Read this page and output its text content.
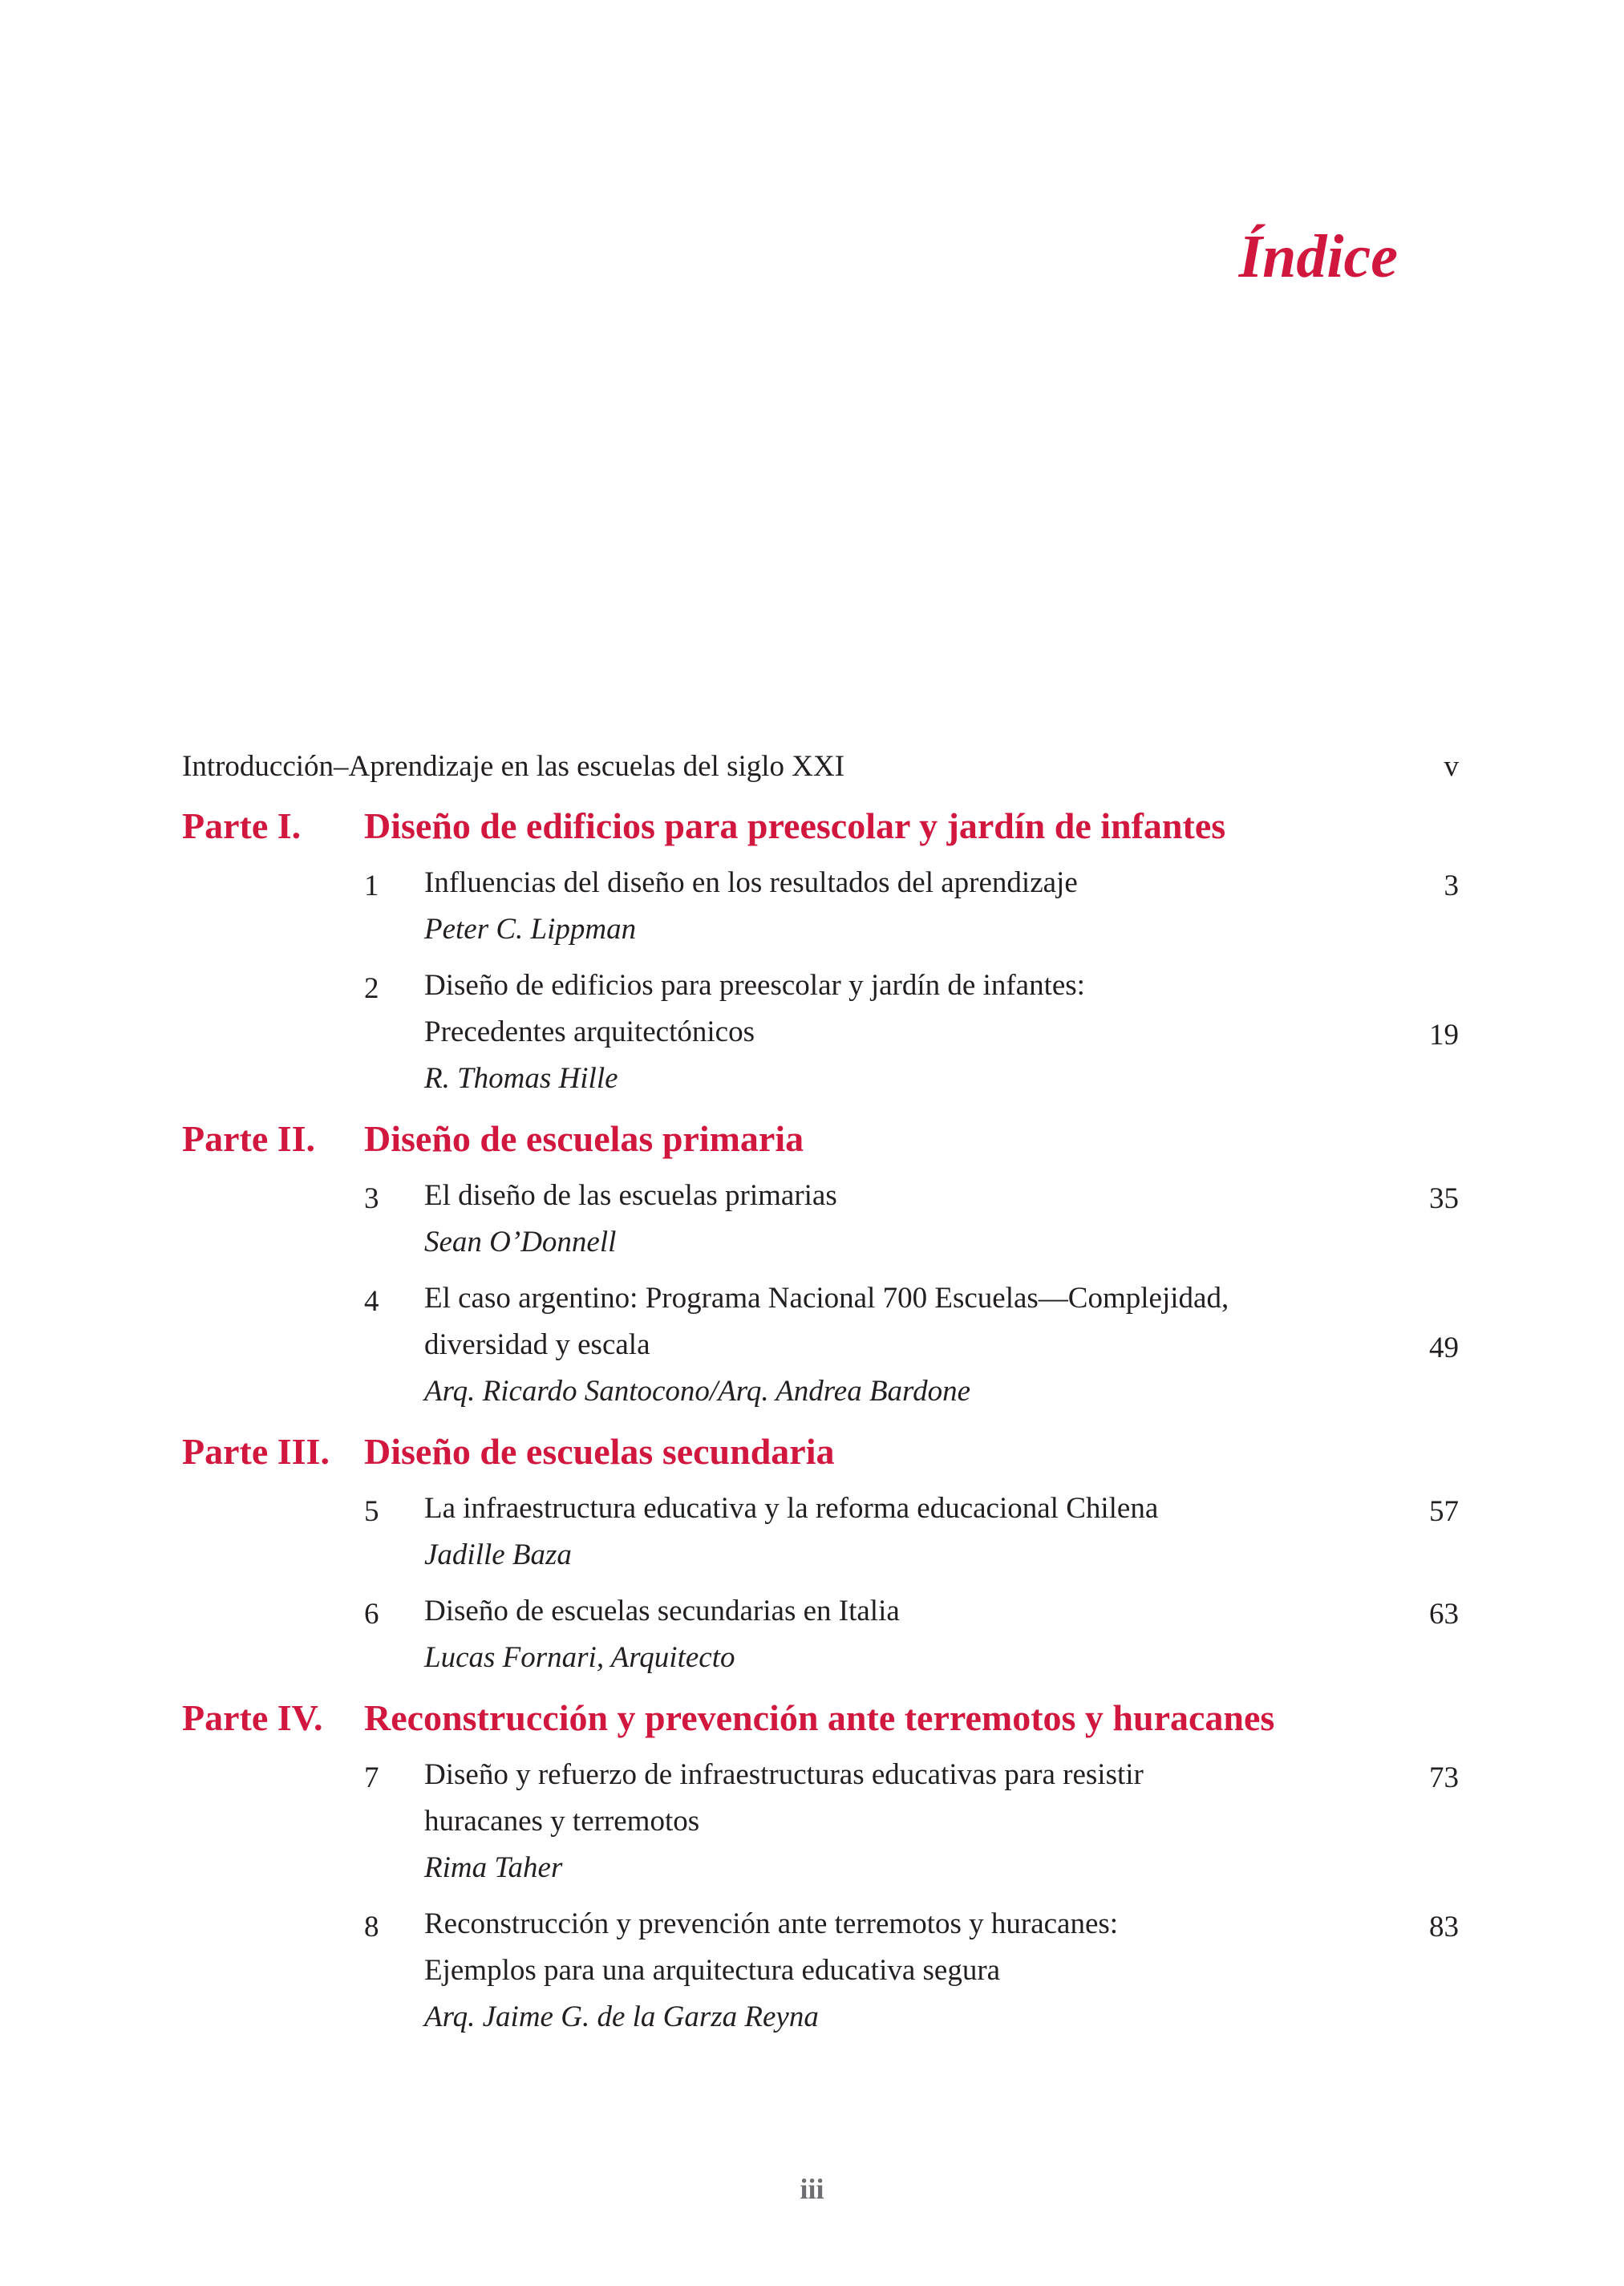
Índice
Introducción–Aprendizaje en las escuelas del siglo XXI	v
Parte I. Diseño de edificios para preescolar y jardín de infantes
1 Influencias del diseño en los resultados del aprendizaje
Peter C. Lippman
3
2 Diseño de edificios para preescolar y jardín de infantes:
Precedentes arquitectónicos
R. Thomas Hille
19
Parte II. Diseño de escuelas primaria
3 El diseño de las escuelas primarias
Sean O’Donnell
35
4 El caso argentino: Programa Nacional 700 Escuelas—Complejidad,
diversidad y escala
Arq. Ricardo Santocono/Arq. Andrea Bardone
49
Parte III. Diseño de escuelas secundaria
5 La infraestructura educativa y la reforma educacional Chilena
Jadille Baza
57
6 Diseño de escuelas secundarias en Italia
Lucas Fornari, Arquitecto
63
Parte IV. Reconstrucción y prevención ante terremotos y huracanes
7 Diseño y refuerzo de infraestructuras educativas para resistir
huracanes y terremotos
Rima Taher
73
8 Reconstrucción y prevención ante terremotos y huracanes:
Ejemplos para una arquitectura educativa segura
Arq. Jaime G. de la Garza Reyna
83
iii
